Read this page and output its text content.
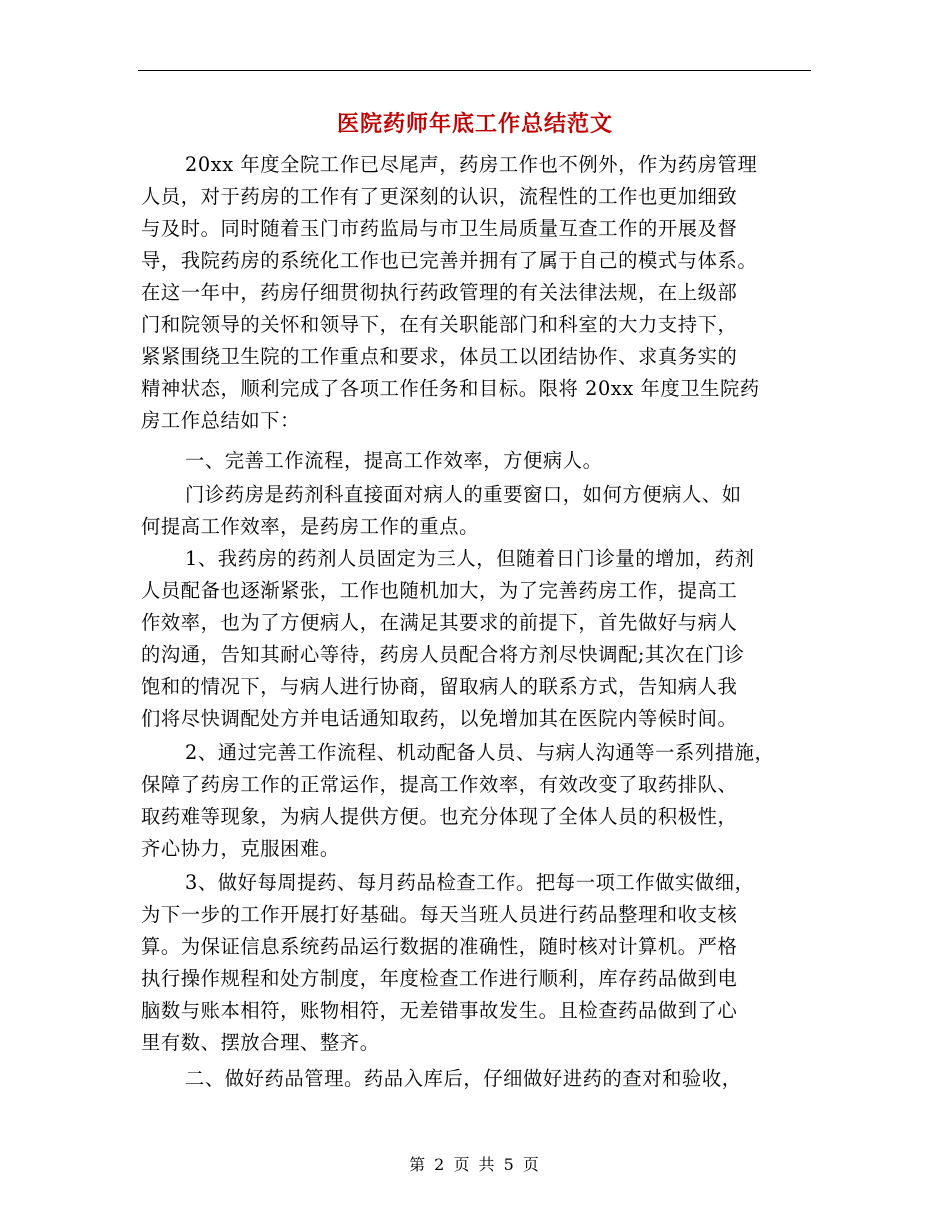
医院药师年底工作总结范文
20xx 年度全院工作已尽尾声，药房工作也不例外，作为药房管理
人员，对于药房的工作有了更深刻的认识，流程性的工作也更加细致
与及时。同时随着玉门市药监局与市卫生局质量互查工作的开展及督
导，我院药房的系统化工作也已完善并拥有了属于自己的模式与体系。
在这一年中，药房仔细贯彻执行药政管理的有关法律法规，在上级部
门和院领导的关怀和领导下，在有关职能部门和科室的大力支持下，
紧紧围绕卫生院的工作重点和要求，体员工以团结协作、求真务实的
精神状态，顺利完成了各项工作任务和目标。限将 20xx 年度卫生院药
房工作总结如下：
一、完善工作流程，提高工作效率，方便病人。
门诊药房是药剂科直接面对病人的重要窗口，如何方便病人、如
何提高工作效率，是药房工作的重点。
1、我药房的药剂人员固定为三人，但随着日门诊量的增加，药剂
人员配备也逐渐紧张，工作也随机加大，为了完善药房工作，提高工
作效率，也为了方便病人，在满足其要求的前提下，首先做好与病人
的沟通，告知其耐心等待，药房人员配合将方剂尽快调配;其次在门诊
饱和的情况下，与病人进行协商，留取病人的联系方式，告知病人我
们将尽快调配处方并电话通知取药，以免增加其在医院内等候时间。
2、通过完善工作流程、机动配备人员、与病人沟通等一系列措施，
保障了药房工作的正常运作，提高工作效率，有效改变了取药排队、
取药难等现象，为病人提供方便。也充分体现了全体人员的积极性，
齐心协力，克服困难。
3、做好每周提药、每月药品检查工作。把每一项工作做实做细，
为下一步的工作开展打好基础。每天当班人员进行药品整理和收支核
算。为保证信息系统药品运行数据的准确性，随时核对计算机。严格
执行操作规程和处方制度，年度检查工作进行顺利，库存药品做到电
脑数与账本相符，账物相符，无差错事故发生。且检查药品做到了心
里有数、摆放合理、整齐。
二、做好药品管理。药品入库后，仔细做好进药的查对和验收，
第 2 页 共 5 页
